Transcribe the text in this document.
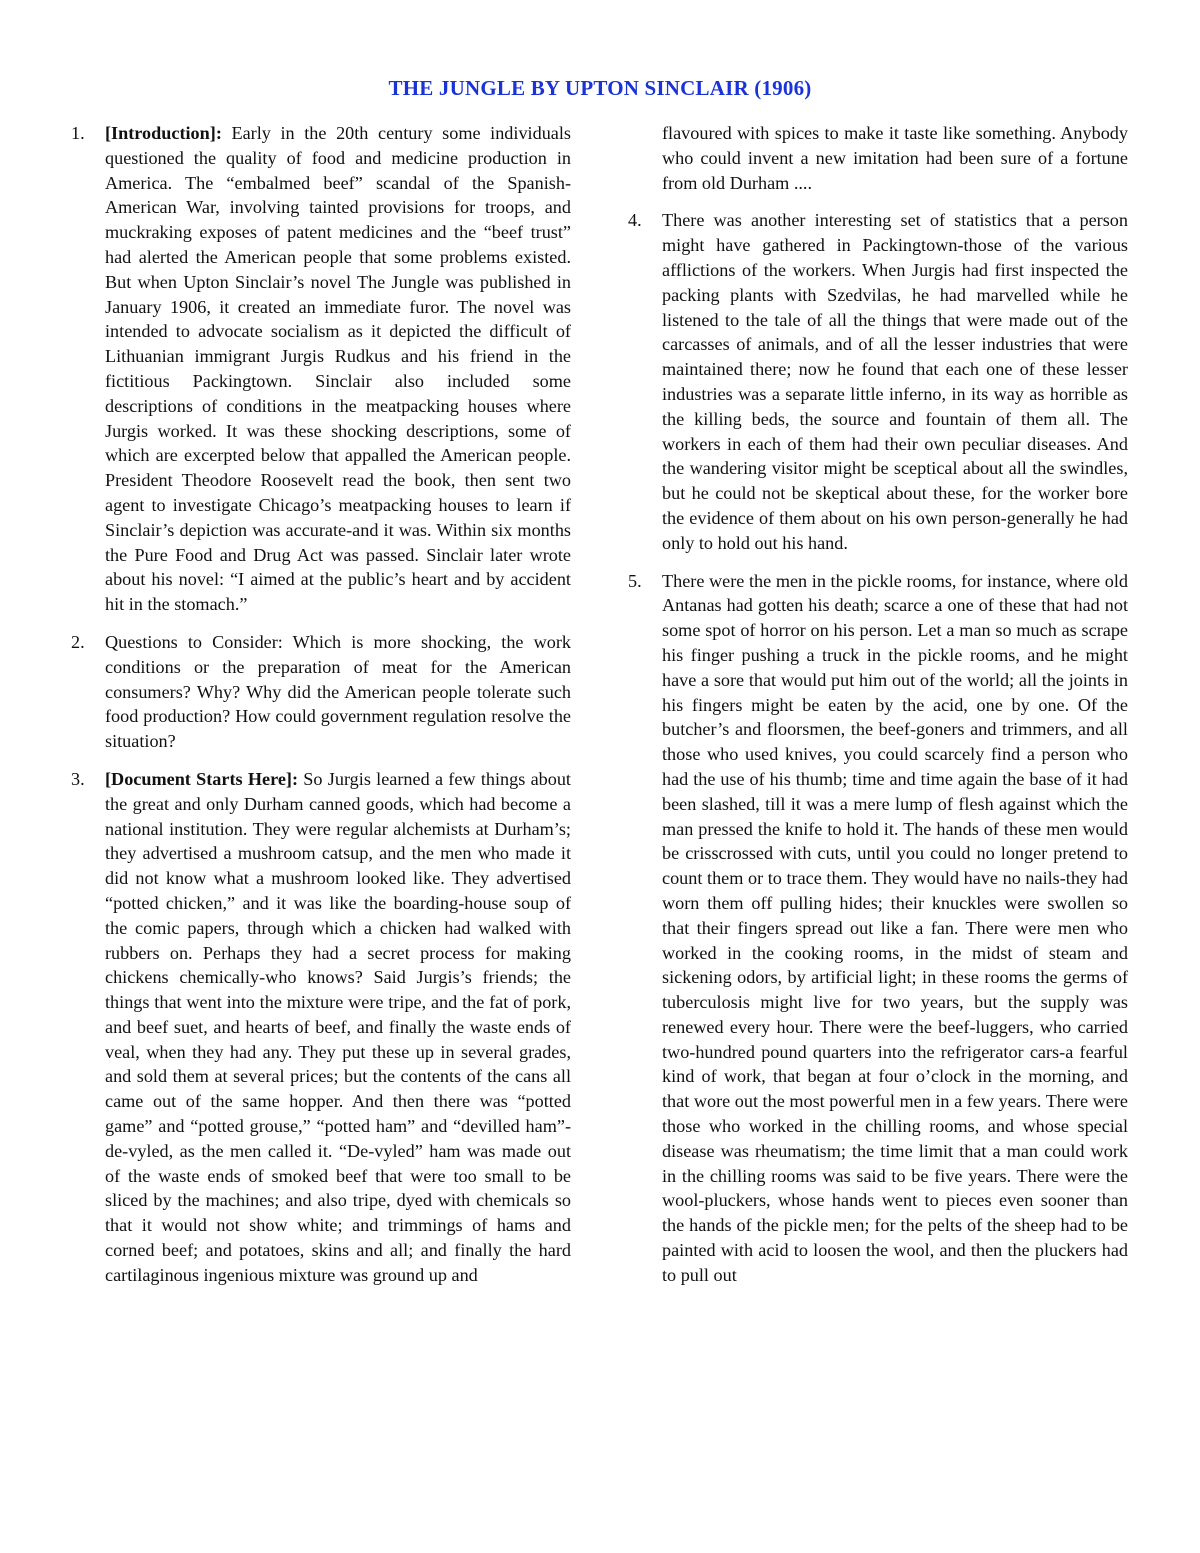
THE JUNGLE BY UPTON SINCLAIR (1906)
1. [Introduction]: Early in the 20th century some individuals questioned the quality of food and medicine production in America. The “embalmed beef” scandal of the Spanish- American War, involving tainted provisions for troops, and muckraking exposes of patent medicines and the “beef trust” had alerted the American people that some problems existed. But when Upton Sinclair’s novel The Jungle was published in January 1906, it created an immediate furor. The novel was intended to advocate socialism as it depicted the difficult of Lithuanian immigrant Jurgis Rudkus and his friend in the fictitious Packingtown. Sinclair also included some descriptions of conditions in the meatpacking houses where Jurgis worked. It was these shocking descriptions, some of which are excerpted below that appalled the American people. President Theodore Roosevelt read the book, then sent two agent to investigate Chicago’s meatpacking houses to learn if Sinclair’s depiction was accurate-and it was. Within six months the Pure Food and Drug Act was passed. Sinclair later wrote about his novel: “I aimed at the public’s heart and by accident hit in the stomach.”
2. Questions to Consider: Which is more shocking, the work conditions or the preparation of meat for the American consumers? Why? Why did the American people tolerate such food production? How could government regulation resolve the situation?
3. [Document Starts Here]: So Jurgis learned a few things about the great and only Durham canned goods, which had become a national institution. They were regular alchemists at Durham’s; they advertised a mushroom catsup, and the men who made it did not know what a mushroom looked like. They advertised “potted chicken,” and it was like the boarding-house soup of the comic papers, through which a chicken had walked with rubbers on. Perhaps they had a secret process for making chickens chemically-who knows? Said Jurgis’s friends; the things that went into the mixture were tripe, and the fat of pork, and beef suet, and hearts of beef, and finally the waste ends of veal, when they had any. They put these up in several grades, and sold them at several prices; but the contents of the cans all came out of the same hopper. And then there was “potted game” and “potted grouse,” “potted ham” and “devilled ham”-de-vyled, as the men called it. “De-vyled” ham was made out of the waste ends of smoked beef that were too small to be sliced by the machines; and also tripe, dyed with chemicals so that it would not show white; and trimmings of hams and corned beef; and potatoes, skins and all; and finally the hard cartilaginous ingenious mixture was ground up and
flavoured with spices to make it taste like something. Anybody who could invent a new imitation had been sure of a fortune from old Durham ....
4. There was another interesting set of statistics that a person might have gathered in Packingtown-those of the various afflictions of the workers. When Jurgis had first inspected the packing plants with Szedvilas, he had marvelled while he listened to the tale of all the things that were made out of the carcasses of animals, and of all the lesser industries that were maintained there; now he found that each one of these lesser industries was a separate little inferno, in its way as horrible as the killing beds, the source and fountain of them all. The workers in each of them had their own peculiar diseases. And the wandering visitor might be sceptical about all the swindles, but he could not be skeptical about these, for the worker bore the evidence of them about on his own person-generally he had only to hold out his hand.
5. There were the men in the pickle rooms, for instance, where old Antanas had gotten his death; scarce a one of these that had not some spot of horror on his person. Let a man so much as scrape his finger pushing a truck in the pickle rooms, and he might have a sore that would put him out of the world; all the joints in his fingers might be eaten by the acid, one by one. Of the butcher’s and floorsmen, the beef-goners and trimmers, and all those who used knives, you could scarcely find a person who had the use of his thumb; time and time again the base of it had been slashed, till it was a mere lump of flesh against which the man pressed the knife to hold it. The hands of these men would be crisscrossed with cuts, until you could no longer pretend to count them or to trace them. They would have no nails-they had worn them off pulling hides; their knuckles were swollen so that their fingers spread out like a fan. There were men who worked in the cooking rooms, in the midst of steam and sickening odors, by artificial light; in these rooms the germs of tuberculosis might live for two years, but the supply was renewed every hour. There were the beef-luggers, who carried two-hundred pound quarters into the refrigerator cars-a fearful kind of work, that began at four o’clock in the morning, and that wore out the most powerful men in a few years. There were those who worked in the chilling rooms, and whose special disease was rheumatism; the time limit that a man could work in the chilling rooms was said to be five years. There were the wool-pluckers, whose hands went to pieces even sooner than the hands of the pickle men; for the pelts of the sheep had to be painted with acid to loosen the wool, and then the pluckers had to pull out
